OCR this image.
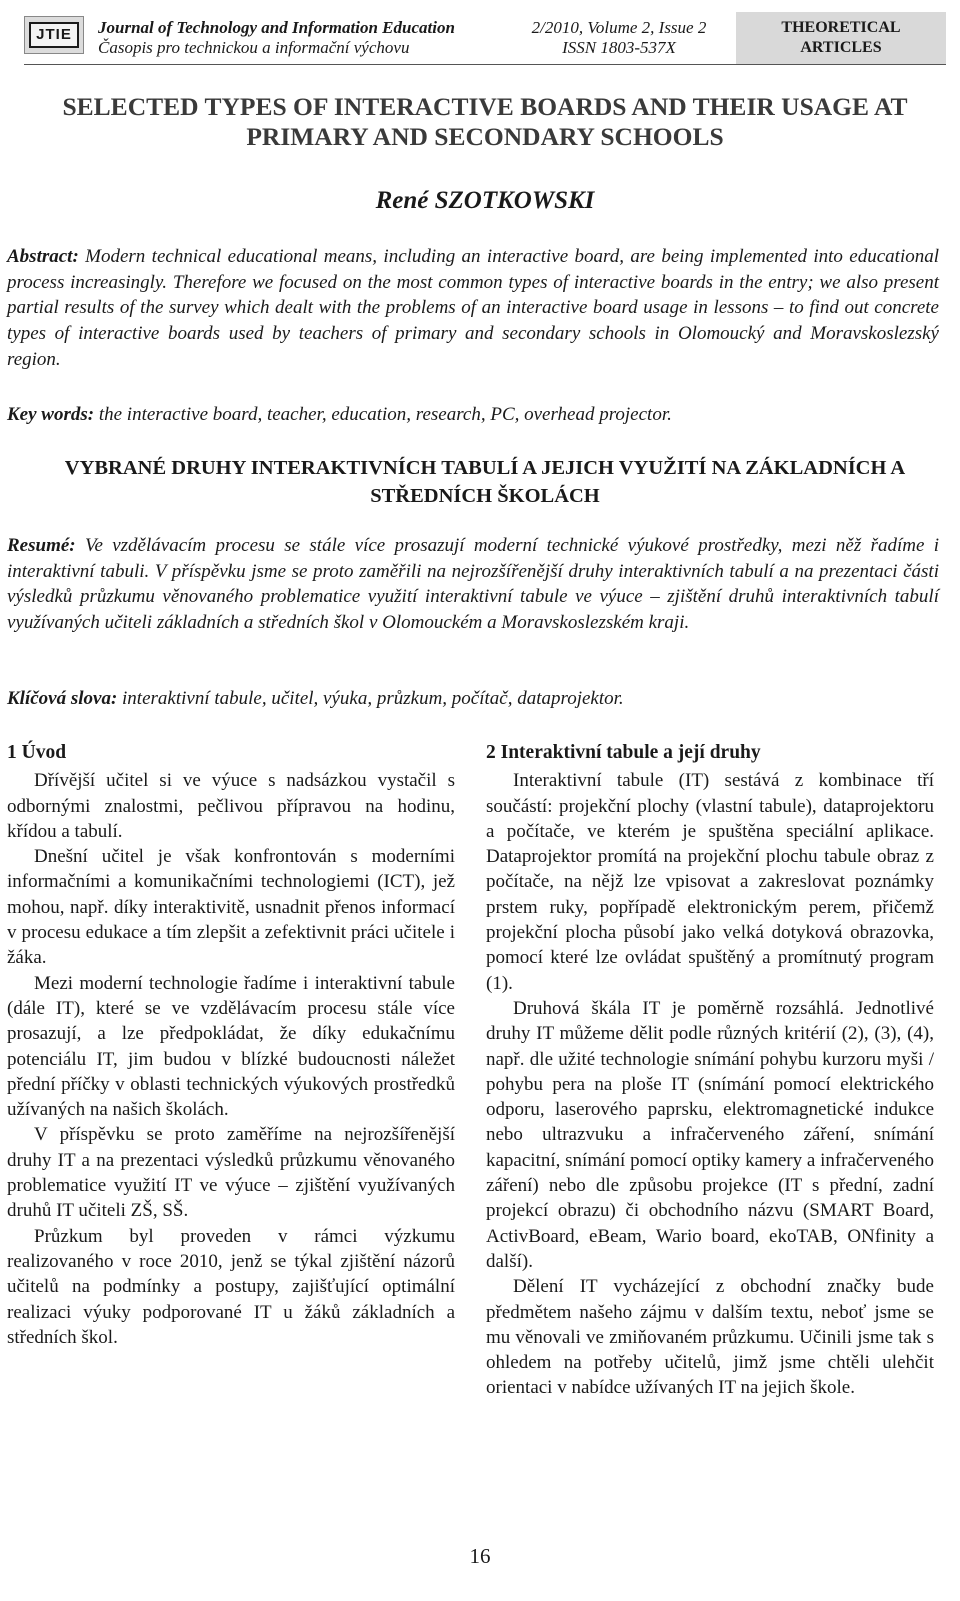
JTIE	Journal of Technology and Information Education
Časopis pro technickou a informační výchovu
2/2010, Volume 2, Issue 2
ISSN 1803-537X
THEORETICAL
ARTICLES
SELECTED TYPES OF INTERACTIVE BOARDS AND THEIR USAGE AT PRIMARY AND SECONDARY SCHOOLS
René SZOTKOWSKI
Abstract: Modern technical educational means, including an interactive board, are being implemented into educational process increasingly. Therefore we focused on the most common types of interactive boards in the entry; we also present partial results of the survey which dealt with the problems of an interactive board usage in lessons – to find out concrete types of interactive boards used by teachers of primary and secondary schools in Olomoucký and Moravskoslezský region.
Key words: the interactive board, teacher, education, research, PC, overhead projector.
VYBRANÉ DRUHY INTERAKTIVNÍCH TABULÍ A JEJICH VYUŽITÍ NA ZÁKLADNÍCH A STŘEDNÍCH ŠKOLÁCH
Resumé: Ve vzdělávacím procesu se stále více prosazují moderní technické výukové prostředky, mezi něž řadíme i interaktivní tabuli. V příspěvku jsme se proto zaměřili na nejrozšířenější druhy interaktivních tabulí a na prezentaci části výsledků průzkumu věnovaného problematice využití interaktivní tabule ve výuce – zjištění druhů interaktivních tabulí využívaných učiteli základních a středních škol v Olomouckém a Moravskoslezském kraji.
Klíčová slova: interaktivní tabule, učitel, výuka, průzkum, počítač, dataprojektor.
1 Úvod

Dřívější učitel si ve výuce s nadsázkou vystačil s odbornými znalostmi, pečlivou přípravou na hodinu, křídou a tabulí.

Dnešní učitel je však konfrontován s moderními informačními a komunikačními technologiemi (ICT), jež mohou, např. díky interaktivitě, usnadnit přenos informací v procesu edukace a tím zlepšit a zefektivnit práci učitele i žáka.

Mezi moderní technologie řadíme i interaktivní tabule (dále IT), které se ve vzdělávacím procesu stále více prosazují, a lze předpokládat, že díky edukačnímu potenciálu IT, jim budou v blízké budoucnosti náležet přední příčky v oblasti technických výukových prostředků užívaných na našich školách.

V příspěvku se proto zaměříme na nejrozšířenější druhy IT a na prezentaci výsledků průzkumu věnovaného problematice využití IT ve výuce – zjištění využívaných druhů IT učiteli ZŠ, SŠ.

Průzkum byl proveden v rámci výzkumu realizovaného v roce 2010, jenž se týkal zjištění názorů učitelů na podmínky a postupy, zajišťující optimální realizaci výuky podporované IT u žáků základních a středních škol.

2 Interaktivní tabule a její druhy

Interaktivní tabule (IT) sestává z kombinace tří součástí: projekční plochy (vlastní tabule), dataprojektoru a počítače, ve kterém je spuštěna speciální aplikace. Dataprojektor promítá na projekční plochu tabule obraz z počítače, na nějž lze vpisovat a zakreslovat poznámky prstem ruky, popřípadě elektronickým perem, přičemž projekční plocha působí jako velká dotyková obrazovka, pomocí které lze ovládat spuštěný a promítnutý program (1).

Druhová škála IT je poměrně rozsáhlá. Jednotlivé druhy IT můžeme dělit podle různých kritérií (2), (3), (4), např. dle užité technologie snímání pohybu kurzoru myši / pohybu pera na ploše IT (snímání pomocí elektrického odporu, laserového paprsku, elektromagnetické indukce nebo ultrazvuku a infračerveného záření, snímání kapacitní, snímání pomocí optiky kamery a infračerveného záření) nebo dle způsobu projekce (IT s přední, zadní projekcí obrazu) či obchodního názvu (SMART Board, ActivBoard, eBeam, Wario board, ekoTAB, ONfinity a další).

Dělení IT vycházející z obchodní značky bude předmětem našeho zájmu v dalším textu, neboť jsme se mu věnovali ve zmiňovaném průzkumu. Učinili jsme tak s ohledem na potřeby učitelů, jimž jsme chtěli ulehčit orientaci v nabídce užívaných IT na jejich škole.

16
